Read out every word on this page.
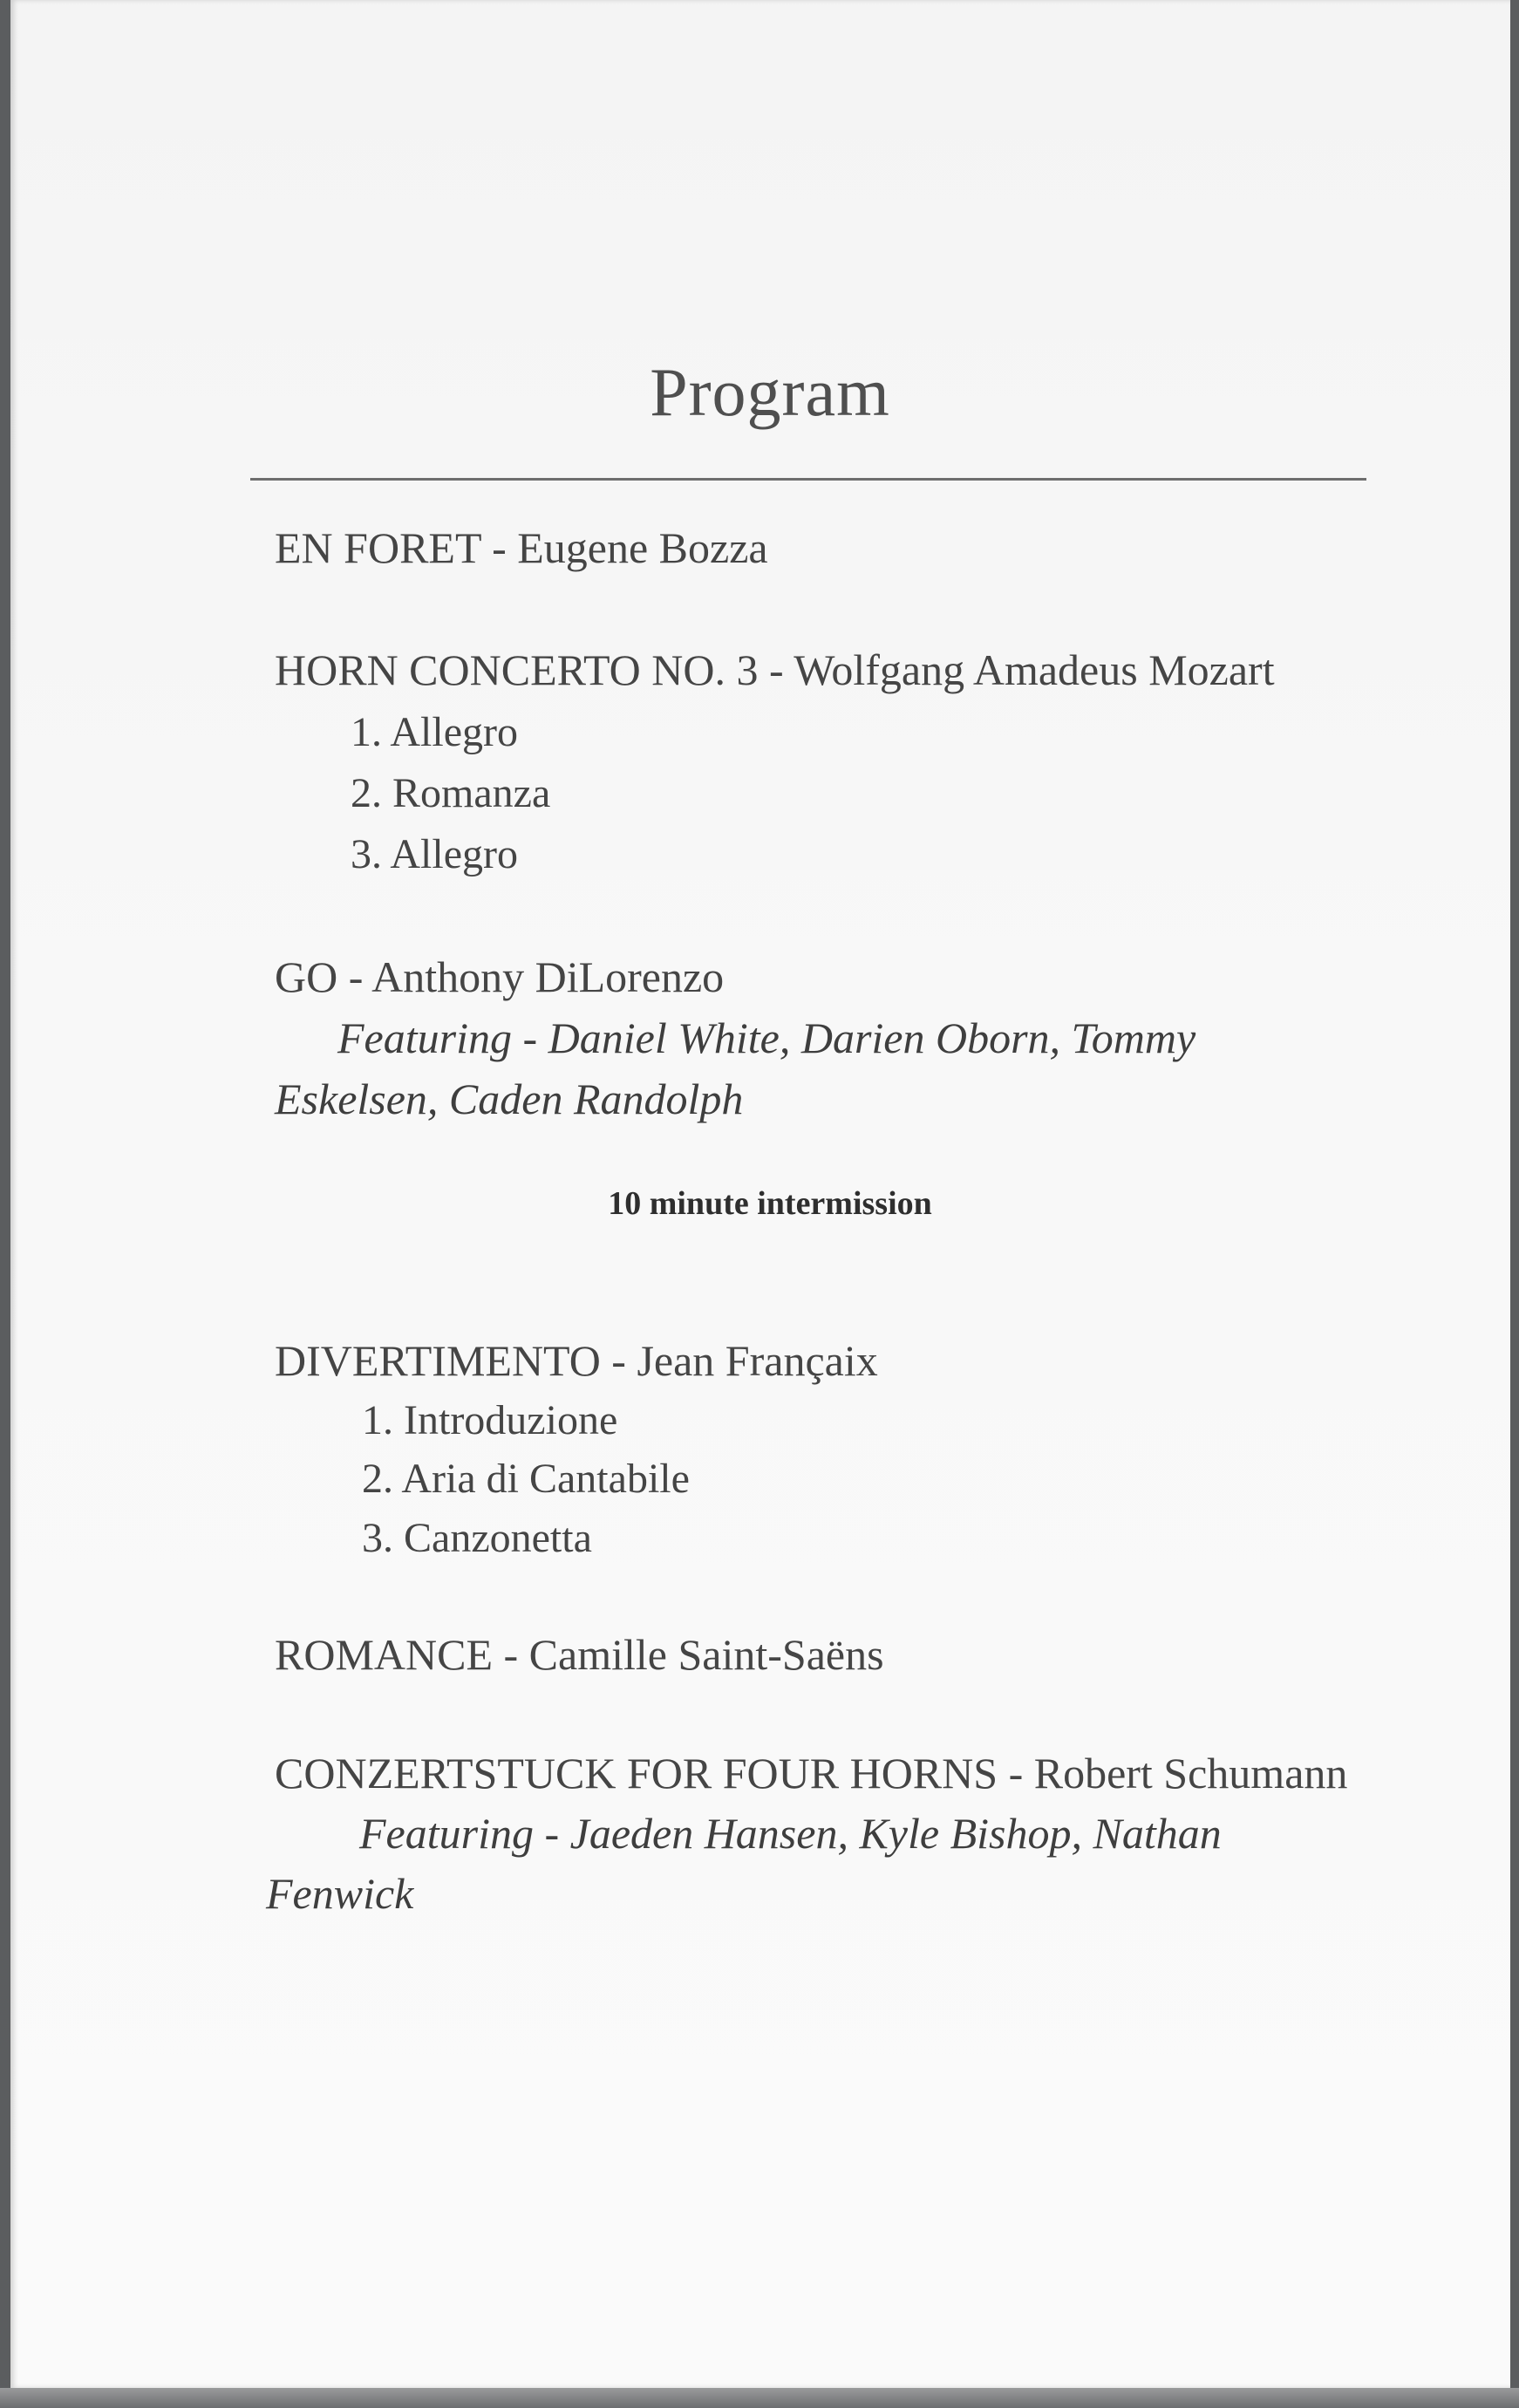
Program
EN FORET - Eugene Bozza
HORN CONCERTO NO. 3 - Wolfgang Amadeus Mozart
1. Allegro
2. Romanza
3. Allegro
GO - Anthony DiLorenzo
Featuring - Daniel White, Darien Oborn, Tommy
Eskelsen, Caden Randolph
10 minute intermission
DIVERTIMENTO - Jean Françaix
1. Introduzione
2. Aria di Cantabile
3. Canzonetta
ROMANCE - Camille Saint-Saëns
CONZERTSTUCK FOR FOUR HORNS - Robert Schumann
Featuring - Jaeden Hansen, Kyle Bishop, Nathan
Fenwick
